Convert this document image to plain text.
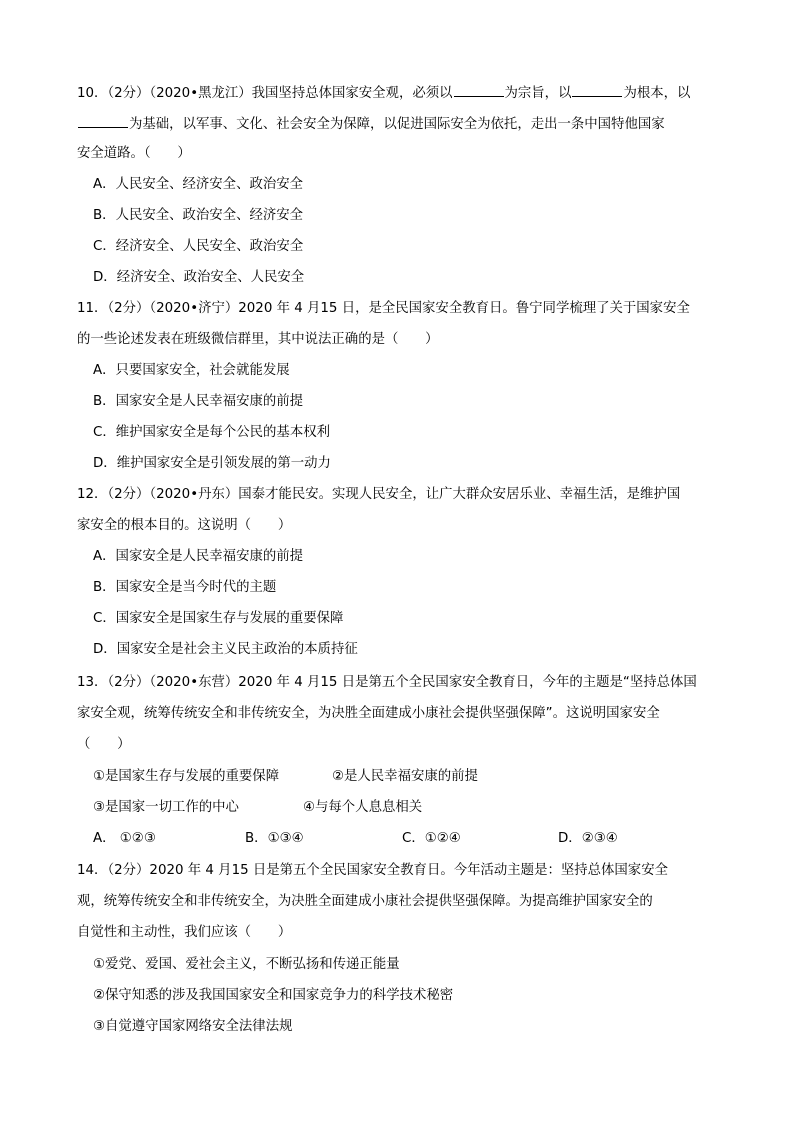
10．（2分）（2020•黑龙江）我国坚持总体国家安全观，必须以	为宗旨，以	为根本，以
为基础，以军事、文化、社会安全为保障，以促进国际安全为依托，走出一条中国特他国家
安全道路。（　　）
A．人民安全、经济安全、政治安全
B．人民安全、政治安全、经济安全
C．经济安全、人民安全、政治安全
D．经济安全、政治安全、人民安全
11．（2分）（2020•济宁）2020 年 4 月15 日，是全民国家安全教育日。鲁宁同学梳理了关于国家安全
的一些论述发表在班级微信群里，其中说法正确的是（　　）
A．只要国家安全，社会就能发展
B．国家安全是人民幸福安康的前提
C．维护国家安全是每个公民的基本权利
D．维护国家安全是引领发展的第一动力
12．（2分）（2020•丹东）国泰才能民安。实现人民安全，让广大群众安居乐业、幸福生活，是维护国
家安全的根本目的。这说明（　　）
A．国家安全是人民幸福安康的前提
B．国家安全是当今时代的主题
C．国家安全是国家生存与发展的重要保障
D．国家安全是社会主义民主政治的本质持征
13．（2分）（2020•东营）2020 年 4 月15 日是第五个全民国家安全教育日，今年的主题是“坚持总体国
家安全观，统筹传统安全和非传统安全，为决胜全面建成小康社会提供坚强保障”。这说明国家安全
（　　）
①是国家生存与发展的重要保障	②是人民幸福安康的前提
③是国家一切工作的中心	④与每个人息息相关
A． ①②③	B．①③④	C．①②④	D．②③④
14．（2分）2020 年 4 月15 日是第五个全民国家安全教育日。今年活动主题是：坚持总体国家安全
观，统筹传统安全和非传统安全，为决胜全面建成小康社会提供坚强保障。为提高维护国家安全的
自觉性和主动性，我们应该（　　）
①爱党、爱国、爱社会主义，不断弘扬和传递正能量
②保守知悉的涉及我国国家安全和国家竞争力的科学技术秘密
③自觉遵守国家网络安全法律法规
